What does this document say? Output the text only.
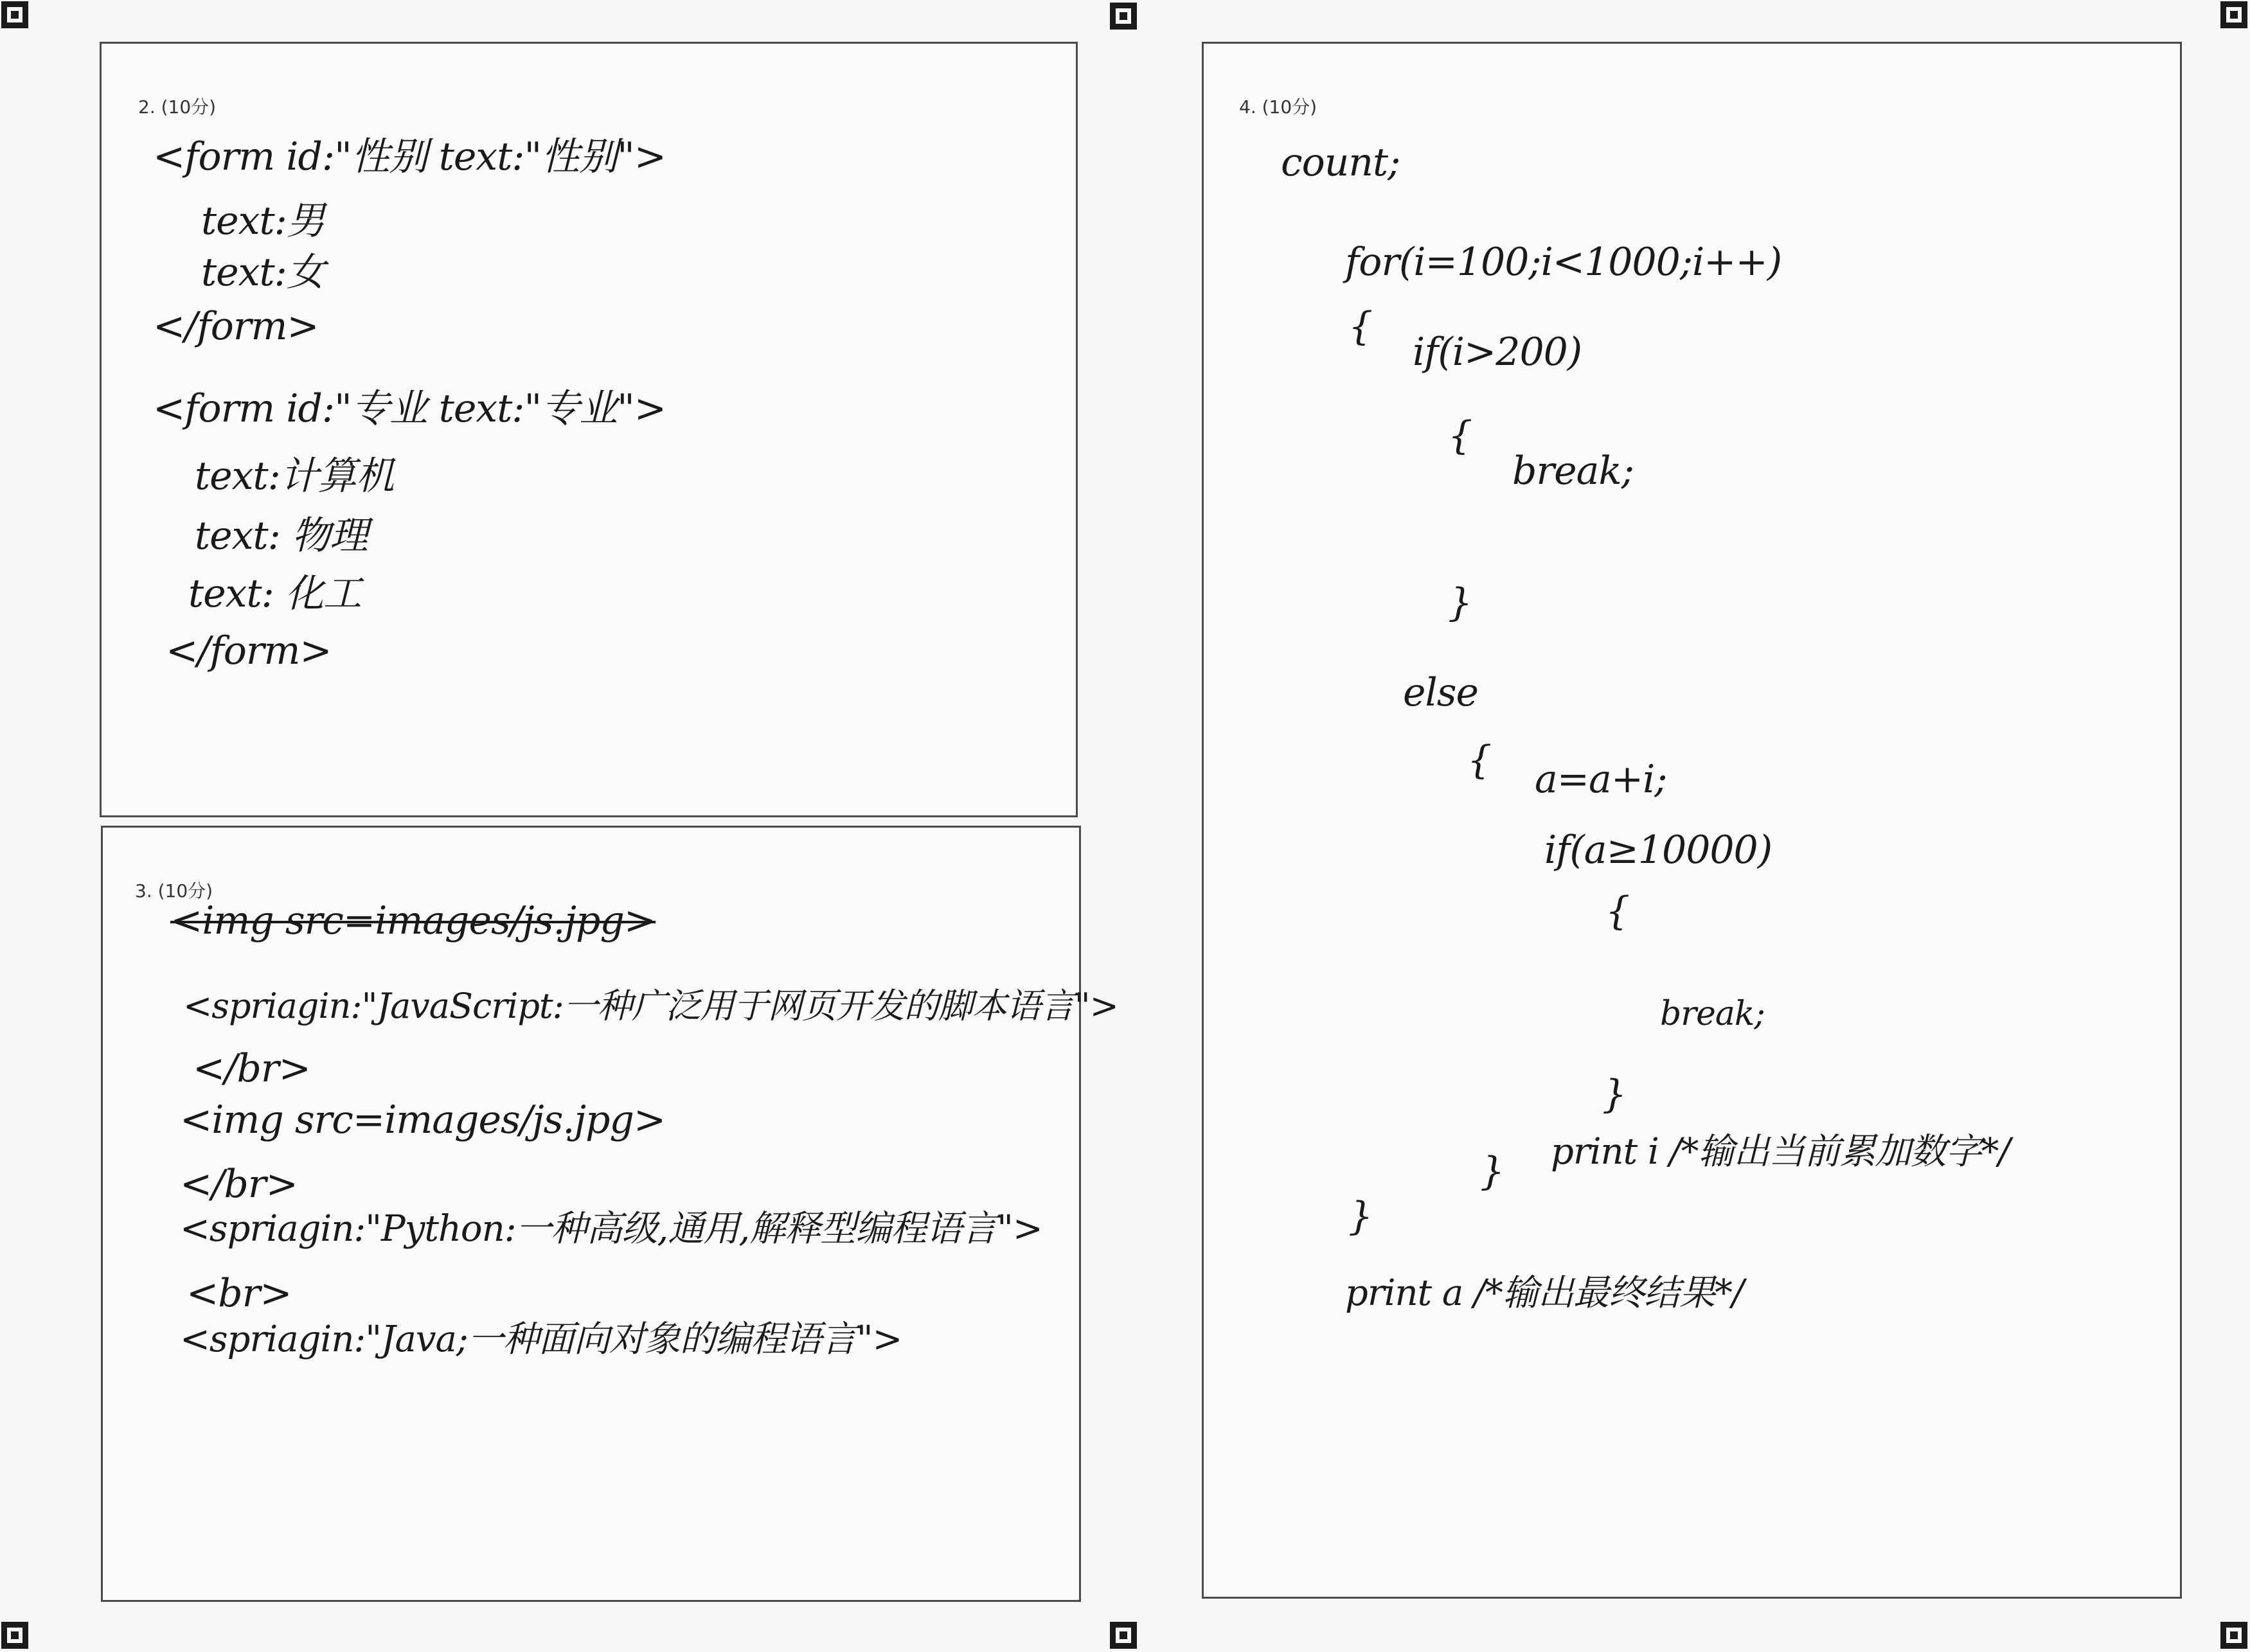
2. (10分)
<form id:"性别 text:"性别">
text:男
text:女
</form>
<form id:"专业 text:"专业">
text:计算机
text: 物理
text: 化工
</form>
3. (10分)
<img src=images/js.jpg>
<spriagin:"JavaScript:一种广泛用于网页开发的脚本语言">
</br>
<img src=images/js.jpg>
</br>
<spriagin:"Python:一种高级,通用,解释型编程语言">
<br>
<spriagin:"Java;一种面向对象的编程语言">
4. (10分)
count;
for(i=100;i<1000;i++)
{
if(i>200)
{
break;
}
else
{ a=a+i;
if(a≥10000)
{
break;
}
print i /*输出当前累加数字*/
}
}
print a /*输出最终结果*/
